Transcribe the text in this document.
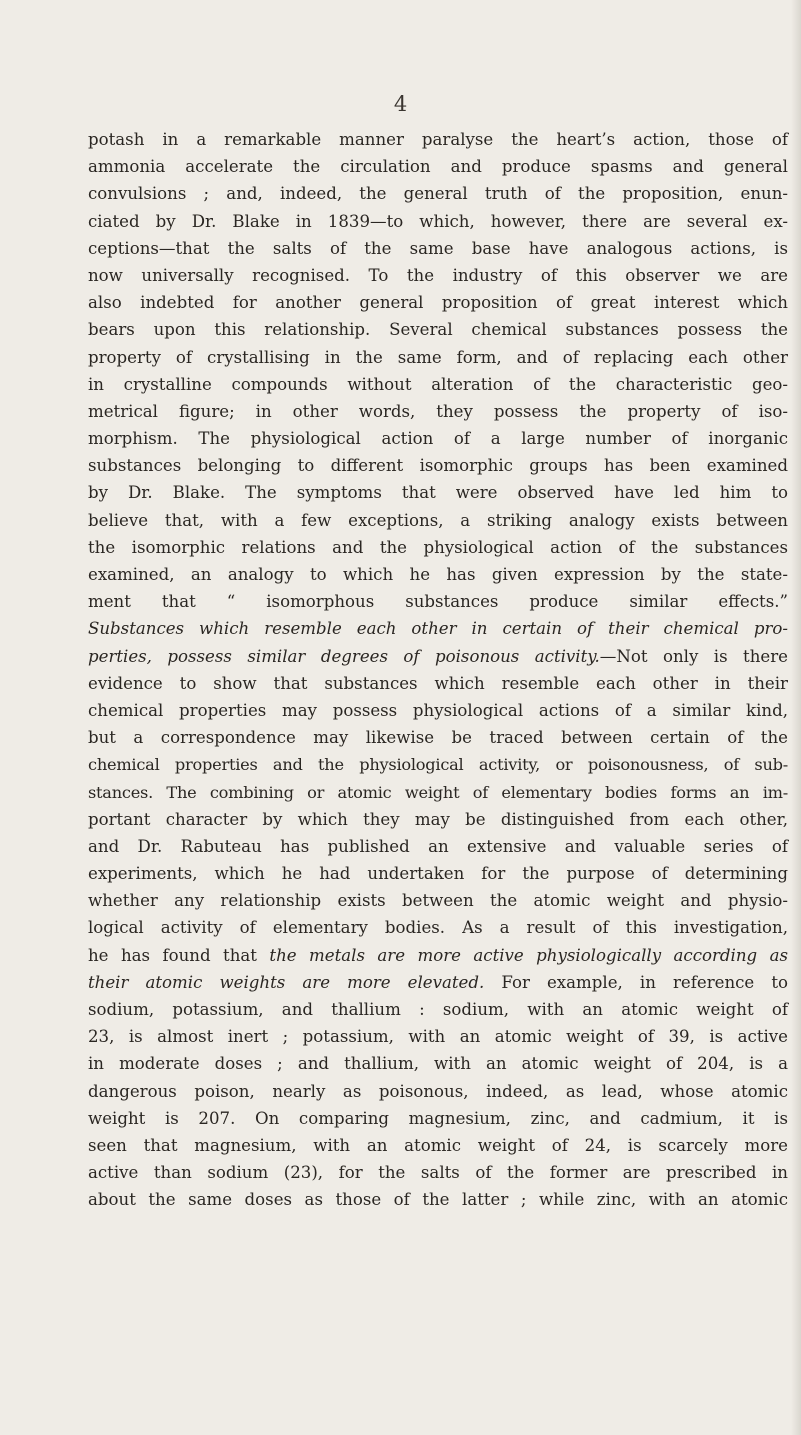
4
potash in a remarkable manner paralyse the heart’s action, those of
ammonia accelerate the circulation and produce spasms and general
convulsions ; and, indeed, the general truth of the proposition, enun-
ciated by Dr. Blake in 1839—to which, however, there are several ex-
ceptions—that the salts of the same base have analogous actions, is
now universally recognised. To the industry of this observer we are
also indebted for another general proposition of great interest which
bears upon this relationship. Several chemical substances possess the
property of crystallising in the same form, and of replacing each other
in crystalline compounds without alteration of the characteristic geo-
metrical figure; in other words, they possess the property of iso-
morphism. The physiological action of a large number of inorganic
substances belonging to different isomorphic groups has been examined
by Dr. Blake. The symptoms that were observed have led him to
believe that, with a few exceptions, a striking analogy exists between
the isomorphic relations and the physiological action of the substances
examined, an analogy to which he has given expression by the state-
ment that “ isomorphous substances produce similar effects.”
Substances which resemble each other in certain of their chemical pro-
perties, possess similar degrees of poisonous activity.—Not only is there
evidence to show that substances which resemble each other in their
chemical properties may possess physiological actions of a similar kind,
but a correspondence may likewise be traced between certain of the
chemical properties and the physiological activity, or poisonousness, of sub-
stances. The combining or atomic weight of elementary bodies forms an im-
portant character by which they may be distinguished from each other,
and Dr. Rabuteau has published an extensive and valuable series of
experiments, which he had undertaken for the purpose of determining
whether any relationship exists between the atomic weight and physio-
logical activity of elementary bodies. As a result of this investigation,
he has found that the metals are more active physiologically according as
their atomic weights are more elevated. For example, in reference to
sodium, potassium, and thallium : sodium, with an atomic weight of
23, is almost inert ; potassium, with an atomic weight of 39, is active
in moderate doses ; and thallium, with an atomic weight of 204, is a
dangerous poison, nearly as poisonous, indeed, as lead, whose atomic
weight is 207. On comparing magnesium, zinc, and cadmium, it is
seen that magnesium, with an atomic weight of 24, is scarcely more
active than sodium (23), for the salts of the former are prescribed in
about the same doses as those of the latter ; while zinc, with an atomic
